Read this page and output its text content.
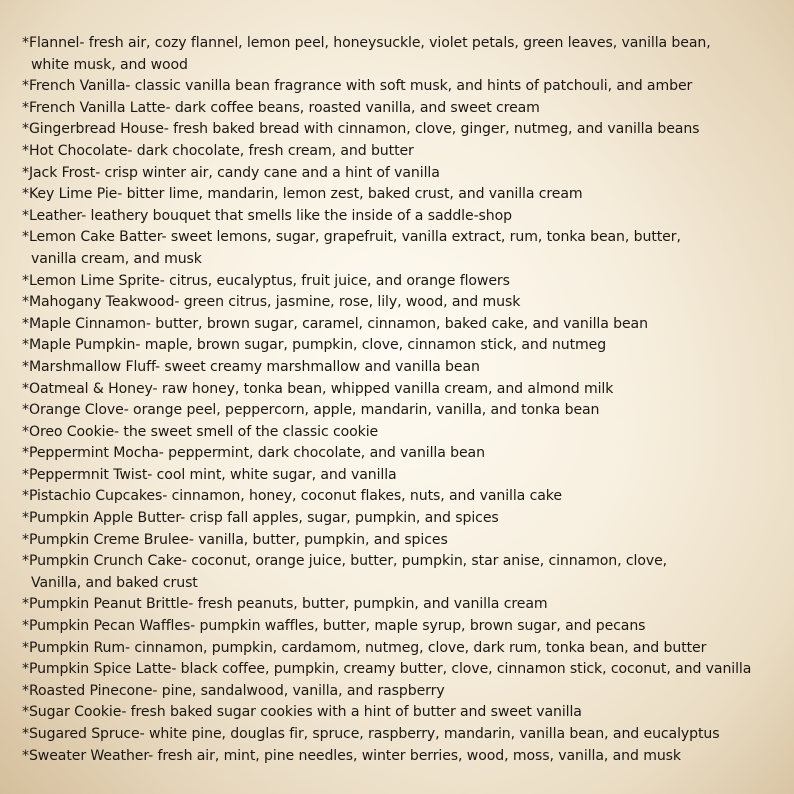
*Flannel- fresh air, cozy flannel, lemon peel, honeysuckle, violet petals, green leaves, vanilla bean,
white musk, and wood
*French Vanilla- classic vanilla bean fragrance with soft musk, and hints of patchouli, and amber
*French Vanilla Latte- dark coffee beans, roasted vanilla, and sweet cream
*Gingerbread House- fresh baked bread with cinnamon, clove, ginger, nutmeg, and vanilla beans
*Hot Chocolate- dark chocolate, fresh cream, and butter
*Jack Frost- crisp winter air, candy cane and a hint of vanilla
*Key Lime Pie- bitter lime, mandarin, lemon zest, baked crust, and vanilla cream
*Leather- leathery bouquet that smells like the inside of a saddle-shop
*Lemon Cake Batter- sweet lemons, sugar, grapefruit, vanilla extract, rum, tonka bean, butter,
vanilla cream, and musk
*Lemon Lime Sprite- citrus, eucalyptus, fruit juice, and orange flowers
*Mahogany Teakwood- green citrus, jasmine, rose, lily, wood, and musk
*Maple Cinnamon- butter, brown sugar, caramel, cinnamon, baked cake, and vanilla bean
*Maple Pumpkin- maple, brown sugar, pumpkin, clove, cinnamon stick, and nutmeg
*Marshmallow Fluff- sweet creamy marshmallow and vanilla bean
*Oatmeal & Honey- raw honey, tonka bean, whipped vanilla cream, and almond milk
*Orange Clove- orange peel, peppercorn, apple, mandarin, vanilla, and tonka bean
*Oreo Cookie- the sweet smell of the classic cookie
*Peppermint Mocha- peppermint, dark chocolate, and vanilla bean
*Peppermnit Twist- cool mint, white sugar, and vanilla
*Pistachio Cupcakes- cinnamon, honey, coconut flakes, nuts, and vanilla cake
*Pumpkin Apple Butter- crisp fall apples, sugar, pumpkin, and spices
*Pumpkin Creme Brulee- vanilla, butter, pumpkin, and spices
*Pumpkin Crunch Cake- coconut, orange juice, butter, pumpkin, star anise, cinnamon, clove,
Vanilla, and baked crust
*Pumpkin Peanut Brittle- fresh peanuts, butter, pumpkin, and vanilla cream
*Pumpkin Pecan Waffles- pumpkin waffles, butter, maple syrup, brown sugar, and pecans
*Pumpkin Rum- cinnamon, pumpkin, cardamom, nutmeg, clove, dark rum, tonka bean, and butter
*Pumpkin Spice Latte- black coffee, pumpkin, creamy butter, clove, cinnamon stick, coconut, and vanilla
*Roasted Pinecone- pine, sandalwood, vanilla, and raspberry
*Sugar Cookie- fresh baked sugar cookies with a hint of butter and sweet vanilla
*Sugared Spruce- white pine, douglas fir, spruce, raspberry, mandarin, vanilla bean, and eucalyptus
*Sweater Weather- fresh air, mint, pine needles, winter berries, wood, moss, vanilla, and musk
